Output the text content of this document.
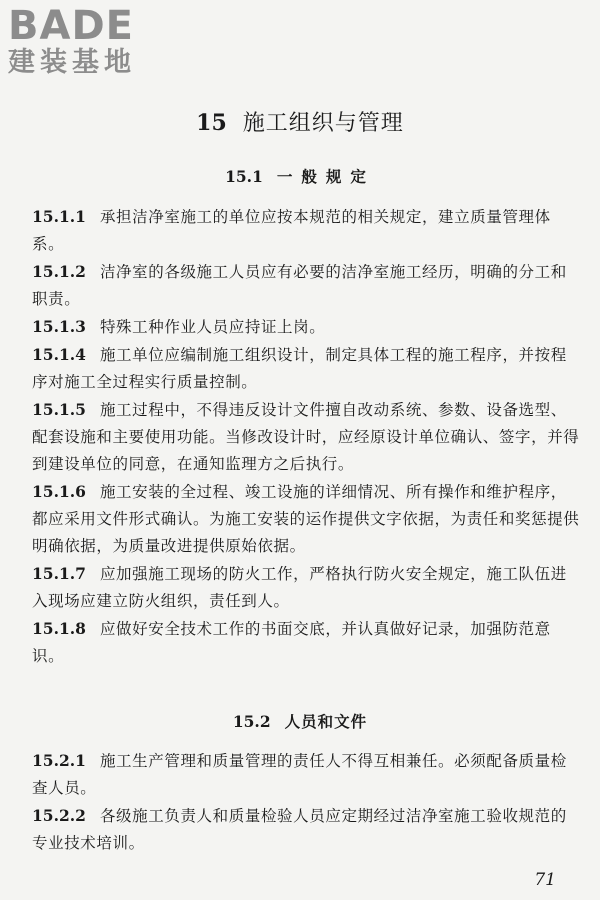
BADE
建装基地
15 施工组织与管理
15.1 一般规定

15.1.1 承担洁净室施工的单位应按本规范的相关规定，建立质量管理体系。

15.1.2 洁净室的各级施工人员应有必要的洁净室施工经历，明确的分工和职责。

15.1.3 特殊工种作业人员应持证上岗。

15.1.4 施工单位应编制施工组织设计，制定具体工程的施工程序，并按程序对施工全过程实行质量控制。

15.1.5 施工过程中，不得违反设计文件擅自改动系统、参数、设备选型、配套设施和主要使用功能。当修改设计时，应经原设计单位确认、签字，并得到建设单位的同意，在通知监理方之后执行。

15.1.6 施工安装的全过程、竣工设施的详细情况、所有操作和维护程序，都应采用文件形式确认。为施工安装的运作提供文字依据，为责任和奖惩提供明确依据，为质量改进提供原始依据。

15.1.7 应加强施工现场的防火工作，严格执行防火安全规定，施工队伍进入现场应建立防火组织，责任到人。

15.1.8 应做好安全技术工作的书面交底，并认真做好记录，加强防范意识。

15.2 人员和文件

15.2.1 施工生产管理和质量管理的责任人不得互相兼任。必须配备质量检查人员。

15.2.2 各级施工负责人和质量检验人员应定期经过洁净室施工验收规范的专业技术培训。

71
